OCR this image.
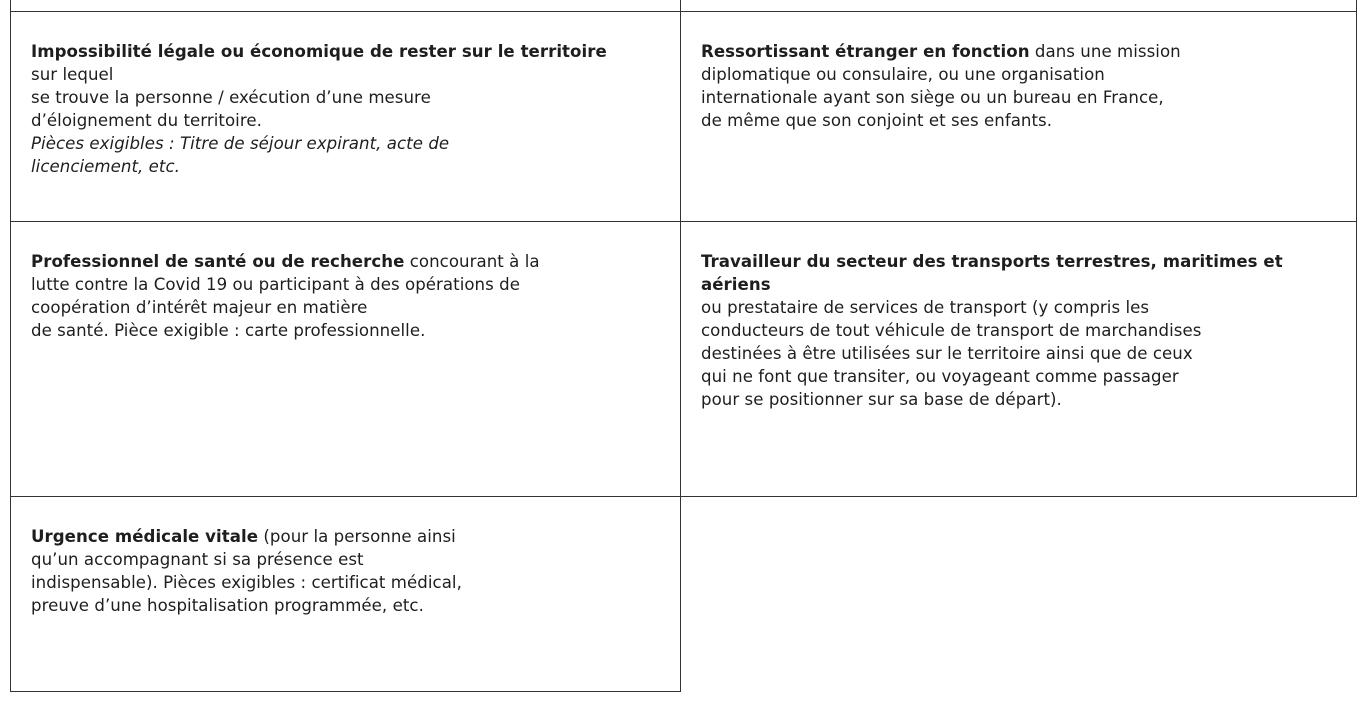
Impossibilité légale ou économique de rester sur le territoire
sur lequel
se trouve la personne / exécution d’une mesure
d’éloignement du territoire.
Pièces exigibles : Titre de séjour expirant, acte de
licenciement, etc.
Ressortissant étranger en fonction dans une mission
diplomatique ou consulaire, ou une organisation
internationale ayant son siège ou un bureau en France,
de même que son conjoint et ses enfants.
Professionnel de santé ou de recherche concourant à la
lutte contre la Covid 19 ou participant à des opérations de
coopération d’intérêt majeur en matière
de santé. Pièce exigible : carte professionnelle.
Travailleur du secteur des transports terrestres, maritimes et
aériens
ou prestataire de services de transport (y compris les
conducteurs de tout véhicule de transport de marchandises
destinées à être utilisées sur le territoire ainsi que de ceux
qui ne font que transiter, ou voyageant comme passager
pour se positionner sur sa base de départ).
Urgence médicale vitale (pour la personne ainsi
qu’un accompagnant si sa présence est
indispensable). Pièces exigibles : certificat médical,
preuve d’une hospitalisation programmée, etc.
